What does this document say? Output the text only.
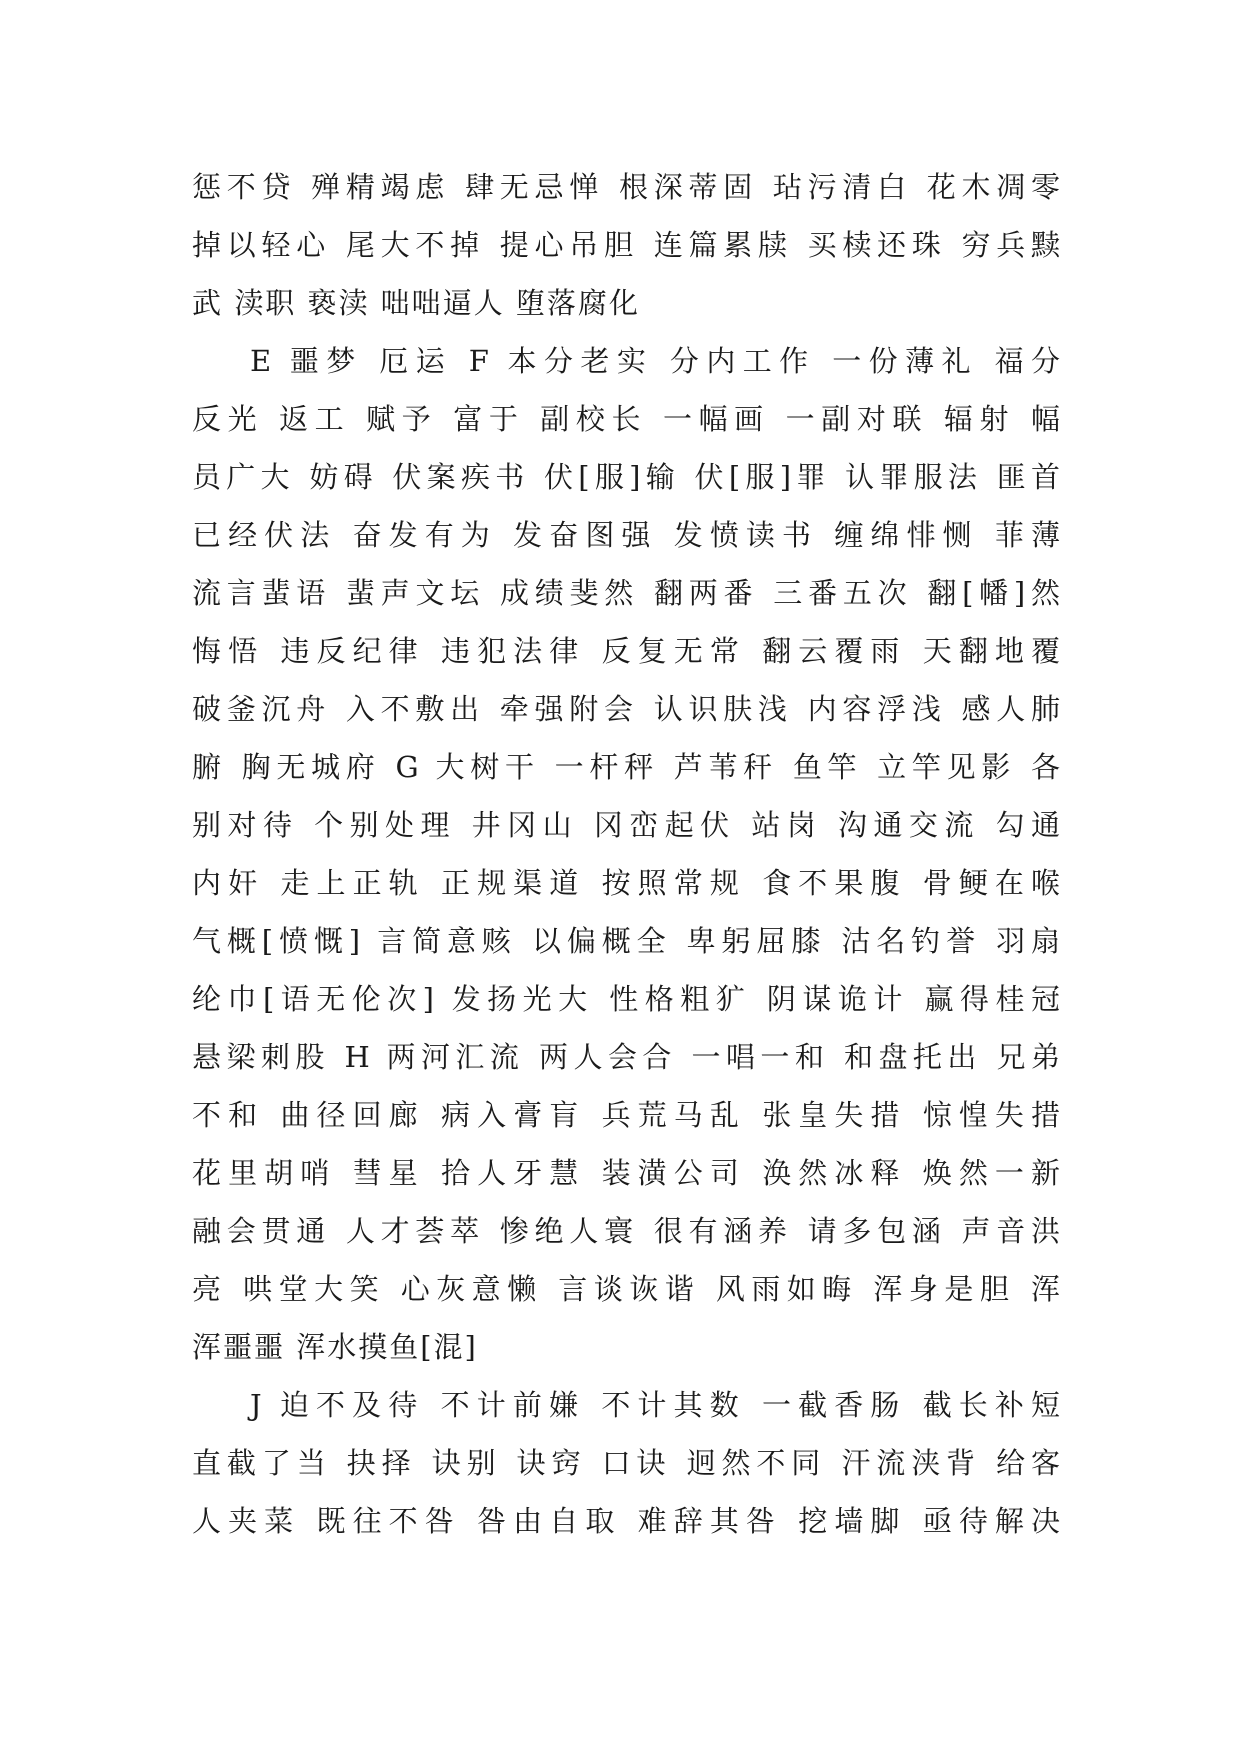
惩不贷 殚精竭虑 肆无忌惮 根深蒂固 玷污清白 花木凋零
掉以轻心 尾大不掉 提心吊胆 连篇累牍 买椟还珠 穷兵黩
武 渎职 亵渎 咄咄逼人 堕落腐化
E 噩梦 厄运 F 本分老实 分内工作 一份薄礼 福分
反光 返工 赋予 富于 副校长 一幅画 一副对联 辐射 幅
员广大 妨碍 伏案疾书 伏[服]输 伏[服]罪 认罪服法 匪首
已经伏法 奋发有为 发奋图强 发愤读书 缠绵悱恻 菲薄
流言蜚语 蜚声文坛 成绩斐然 翻两番 三番五次 翻[幡]然
悔悟 违反纪律 违犯法律 反复无常 翻云覆雨 天翻地覆
破釜沉舟 入不敷出 牵强附会 认识肤浅 内容浮浅 感人肺
腑 胸无城府 G 大树干 一杆秤 芦苇秆 鱼竿 立竿见影 各
别对待 个别处理 井冈山 冈峦起伏 站岗 沟通交流 勾通
内奸 走上正轨 正规渠道 按照常规 食不果腹 骨鲠在喉
气概[愤慨] 言简意赅 以偏概全 卑躬屈膝 沽名钓誉 羽扇
纶巾[语无伦次] 发扬光大 性格粗犷 阴谋诡计 赢得桂冠
悬梁刺股 H 两河汇流 两人会合 一唱一和 和盘托出 兄弟
不和 曲径回廊 病入膏肓 兵荒马乱 张皇失措 惊惶失措
花里胡哨 彗星 拾人牙慧 装潢公司 涣然冰释 焕然一新
融会贯通 人才荟萃 惨绝人寰 很有涵养 请多包涵 声音洪
亮 哄堂大笑 心灰意懒 言谈诙谐 风雨如晦 浑身是胆 浑
浑噩噩 浑水摸鱼[混]
J 迫不及待 不计前嫌 不计其数 一截香肠 截长补短
直截了当 抉择 诀别 诀窍 口诀 迥然不同 汗流浃背 给客
人夹菜 既往不咎 咎由自取 难辞其咎 挖墙脚 亟待解决
